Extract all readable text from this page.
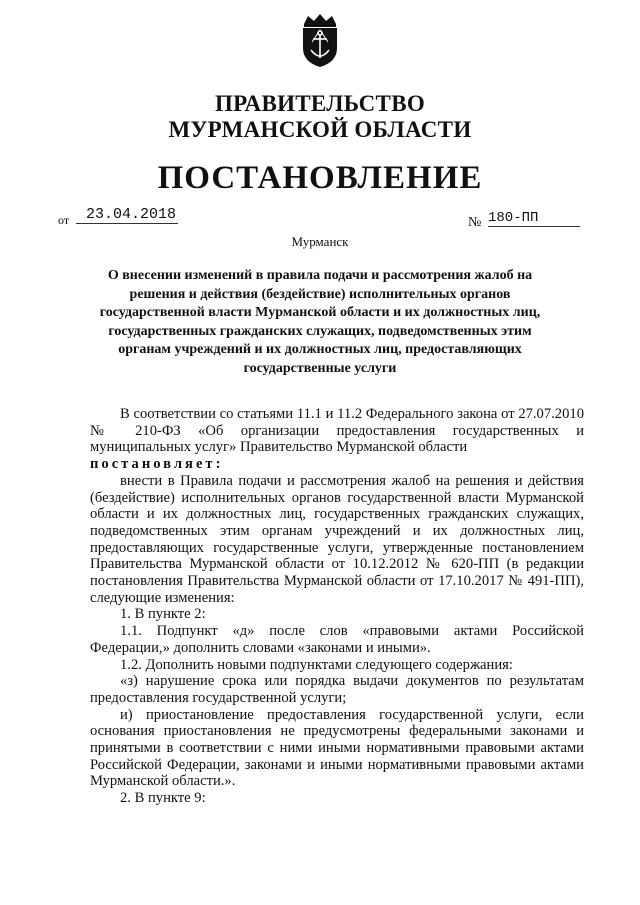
ПРАВИТЕЛЬСТВО
МУРМАНСКОЙ ОБЛАСТИ
ПОСТАНОВЛЕНИЕ
от	23.04.2018	№ 180-ПП
Мурманск
О внесении изменений в правила подачи и рассмотрения жалоб на
решения и действия (бездействие) исполнительных органов
государственной власти Мурманской области и их должностных лиц,
государственных гражданских служащих, подведомственных этим
органам учреждений и их должностных лиц, предоставляющих
государственные услуги

В соответствии со статьями 11.1 и 11.2 Федерального закона от 27.07.2010 № 210-ФЗ «Об организации предоставления государственных и муниципальных услуг» Правительство Мурманской области

постановляет:

внести в Правила подачи и рассмотрения жалоб на решения и действия (бездействие) исполнительных органов государственной власти Мурманской области и их должностных лиц, государственных гражданских служащих, подведомственных этим органам учреждений и их должностных лиц, предоставляющих государственные услуги, утвержденные постановлением Правительства Мурманской области от 10.12.2012 № 620-ПП (в редакции постановления Правительства Мурманской области от 17.10.2017 № 491-ПП), следующие изменения:

1. В пункте 2:

1.1. Подпункт «д» после слов «правовыми актами Российской Федерации,» дополнить словами «законами и иными».

1.2. Дополнить новыми подпунктами следующего содержания:

«з) нарушение срока или порядка выдачи документов по результатам предоставления государственной услуги;

и) приостановление предоставления государственной услуги, если основания приостановления не предусмотрены федеральными законами и принятыми в соответствии с ними иными нормативными правовыми актами Российской Федерации, законами и иными нормативными правовыми актами Мурманской области.».

2. В пункте 9:
